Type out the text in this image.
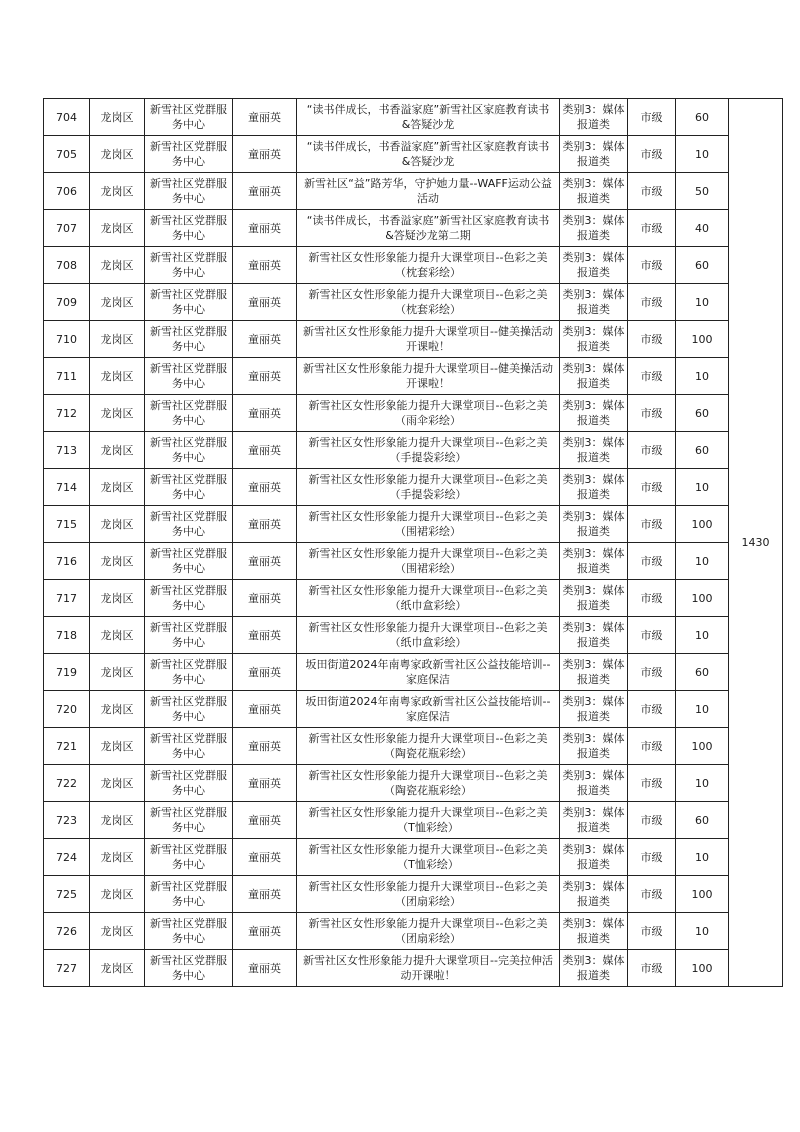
704	龙岗区	新雪社区党群服务中心	童丽英	“读书伴成长，书香溢家庭”新雪社区家庭教育读书&答疑沙龙	类别3：媒体报道类	市级	60	1430
705	龙岗区	新雪社区党群服务中心	童丽英	“读书伴成长，书香溢家庭”新雪社区家庭教育读书&答疑沙龙	类别3：媒体报道类	市级	10	
706	龙岗区	新雪社区党群服务中心	童丽英	新雪社区“益”路芳华，守护她力量--WAFF运动公益活动	类别3：媒体报道类	市级	50	
707	龙岗区	新雪社区党群服务中心	童丽英	“读书伴成长，书香溢家庭”新雪社区家庭教育读书&答疑沙龙第二期	类别3：媒体报道类	市级	40	
708	龙岗区	新雪社区党群服务中心	童丽英	新雪社区女性形象能力提升大课堂项目--色彩之美（枕套彩绘）	类别3：媒体报道类	市级	60	
709	龙岗区	新雪社区党群服务中心	童丽英	新雪社区女性形象能力提升大课堂项目--色彩之美（枕套彩绘）	类别3：媒体报道类	市级	10	
710	龙岗区	新雪社区党群服务中心	童丽英	新雪社区女性形象能力提升大课堂项目--健美操活动开课啦！	类别3：媒体报道类	市级	100	
711	龙岗区	新雪社区党群服务中心	童丽英	新雪社区女性形象能力提升大课堂项目--健美操活动开课啦！	类别3：媒体报道类	市级	10	
712	龙岗区	新雪社区党群服务中心	童丽英	新雪社区女性形象能力提升大课堂项目--色彩之美（雨伞彩绘）	类别3：媒体报道类	市级	60	
713	龙岗区	新雪社区党群服务中心	童丽英	新雪社区女性形象能力提升大课堂项目--色彩之美（手提袋彩绘）	类别3：媒体报道类	市级	60	
714	龙岗区	新雪社区党群服务中心	童丽英	新雪社区女性形象能力提升大课堂项目--色彩之美（手提袋彩绘）	类别3：媒体报道类	市级	10	
715	龙岗区	新雪社区党群服务中心	童丽英	新雪社区女性形象能力提升大课堂项目--色彩之美（围裙彩绘）	类别3：媒体报道类	市级	100	
716	龙岗区	新雪社区党群服务中心	童丽英	新雪社区女性形象能力提升大课堂项目--色彩之美（围裙彩绘）	类别3：媒体报道类	市级	10	
717	龙岗区	新雪社区党群服务中心	童丽英	新雪社区女性形象能力提升大课堂项目--色彩之美（纸巾盒彩绘）	类别3：媒体报道类	市级	100	
718	龙岗区	新雪社区党群服务中心	童丽英	新雪社区女性形象能力提升大课堂项目--色彩之美（纸巾盒彩绘）	类别3：媒体报道类	市级	10	
719	龙岗区	新雪社区党群服务中心	童丽英	坂田街道2024年南粤家政新雪社区公益技能培训--家庭保洁	类别3：媒体报道类	市级	60	
720	龙岗区	新雪社区党群服务中心	童丽英	坂田街道2024年南粤家政新雪社区公益技能培训--家庭保洁	类别3：媒体报道类	市级	10	
721	龙岗区	新雪社区党群服务中心	童丽英	新雪社区女性形象能力提升大课堂项目--色彩之美（陶瓷花瓶彩绘）	类别3：媒体报道类	市级	100	
722	龙岗区	新雪社区党群服务中心	童丽英	新雪社区女性形象能力提升大课堂项目--色彩之美（陶瓷花瓶彩绘）	类别3：媒体报道类	市级	10	
723	龙岗区	新雪社区党群服务中心	童丽英	新雪社区女性形象能力提升大课堂项目--色彩之美（T恤彩绘）	类别3：媒体报道类	市级	60	
724	龙岗区	新雪社区党群服务中心	童丽英	新雪社区女性形象能力提升大课堂项目--色彩之美（T恤彩绘）	类别3：媒体报道类	市级	10	
725	龙岗区	新雪社区党群服务中心	童丽英	新雪社区女性形象能力提升大课堂项目--色彩之美（团扇彩绘）	类别3：媒体报道类	市级	100	
726	龙岗区	新雪社区党群服务中心	童丽英	新雪社区女性形象能力提升大课堂项目--色彩之美（团扇彩绘）	类别3：媒体报道类	市级	10	
727	龙岗区	新雪社区党群服务中心	童丽英	新雪社区女性形象能力提升大课堂项目--完美拉伸活动开课啦！	类别3：媒体报道类	市级	100	
